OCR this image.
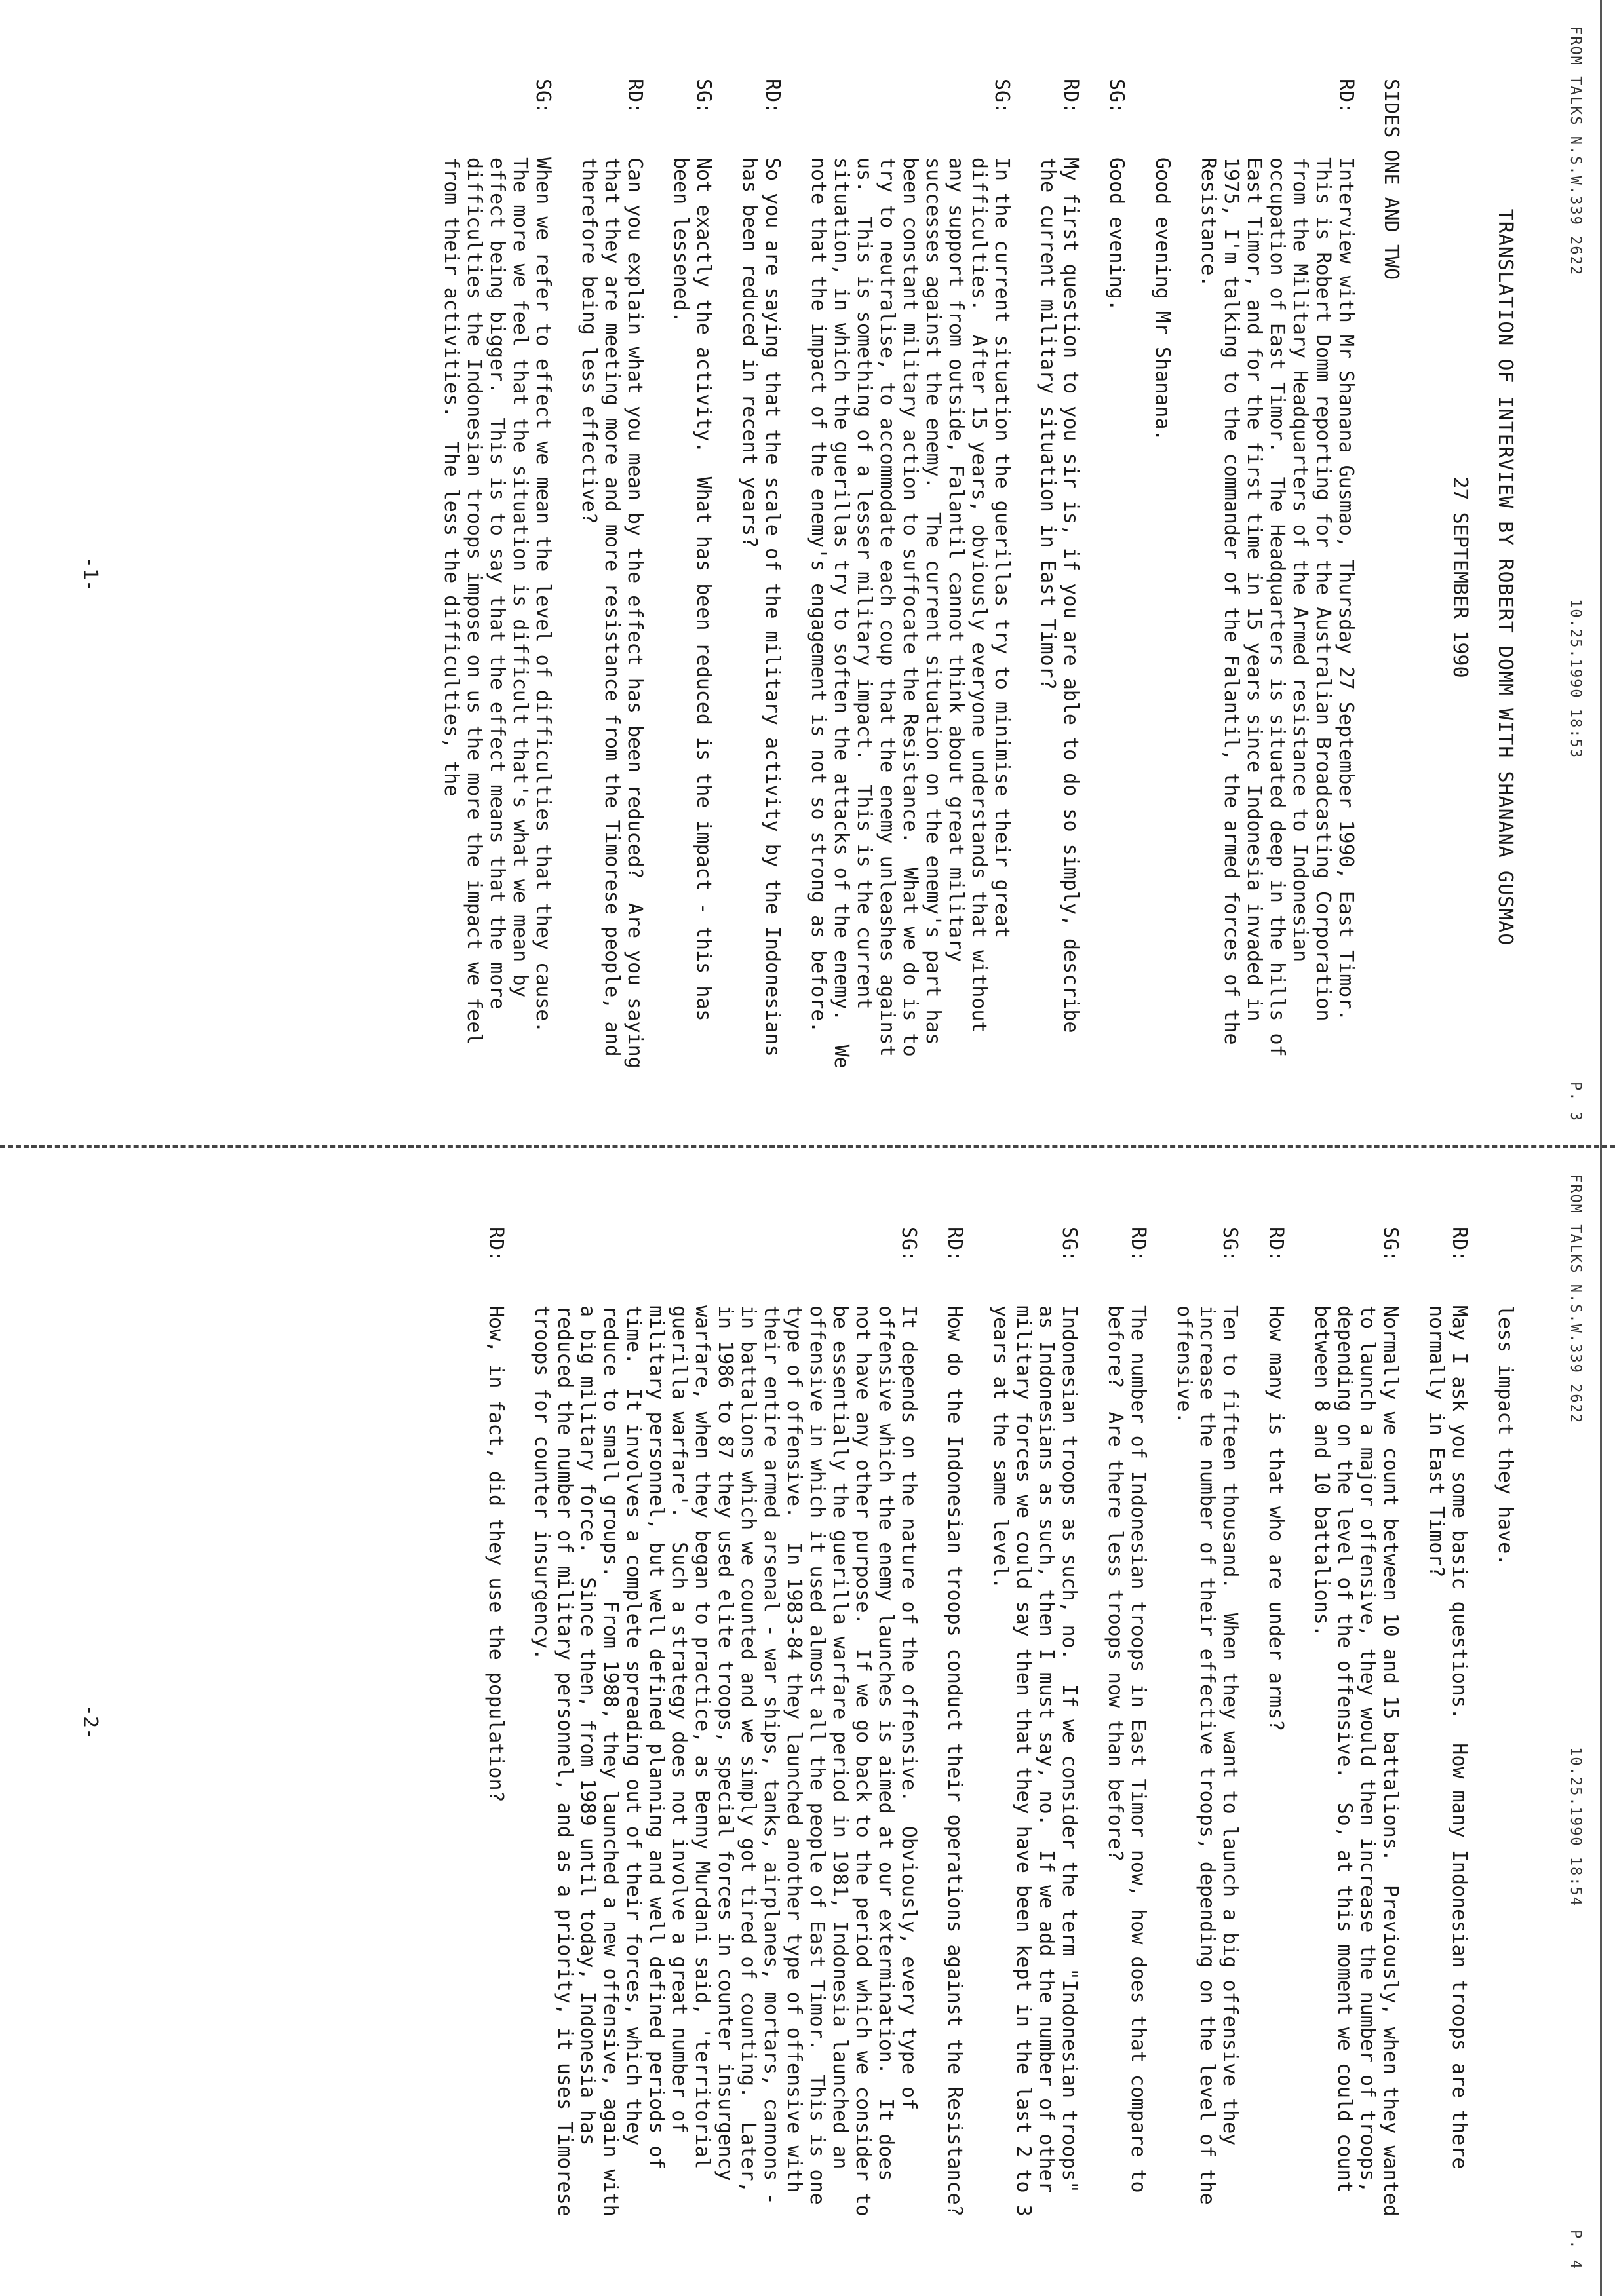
FROM TALKS N.S.W.339 2622
10.25.1990 18:53
P. 3
TRANSLATION OF INTERVIEW BY ROBERT DOMM WITH SHANANA GUSMAO
27 SEPTEMBER 1990
SIDES ONE AND TWO
RD:
Interview with Mr Shanana Gusmao, Thursday 27 September 1990, East Timor.  This is Robert Domm reporting for the Australian Broadcasting Corporation from the Military Headquarters of the Armed resistance to Indonesian occupation of East Timor.  The Headquarters is situated deep in the hills of East Timor, and for the first time in 15 years since Indonesia invaded in 1975, I'm talking to the commander of the Falantil, the armed forces of the Resistance.
Good evening Mr Shanana.
SG:
Good evening.
RD:
My first question to you sir is, if you are able to do so simply, describe the current military situation in East Timor?
SG:
In the current situation the guerillas try to minimise their great difficulties.  After 15 years, obviously everyone understands that without any support from outside, Falantil cannot think about great military successes against the enemy.  The current situation on the enemy's part has been constant military action to suffocate the Resistance.  What we do is to try to neutralise, to accommodate each coup that the enemy unleashes against us.  This is something of a lesser military impact.  This is the current situation, in which the guerillas try to soften the attacks of the enemy.  We note that the impact of the enemy's engagement is not so strong as before.
RD:
So you are saying that the scale of the military activity by the Indonesians has been reduced in recent years?
SG:
Not exactly the activity.  What has been reduced is the impact - this has been lessened.
RD:
Can you explain what you mean by the effect has been reduced?  Are you saying that they are meeting more and more resistance from the Timorese people, and therefore being less effective?
SG:
When we refer to effect we mean the level of difficulties that they cause.  The more we feel that the situation is difficult that's what we mean by effect being bigger.  This is to say that the effect means that the more difficulties the Indonesian troops impose on us the more the impact we feel from their activities.  The less the difficulties, the
-1-
FROM TALKS N.S.W.339 2622
10.25.1990 18:54
P. 4
less impact they have.
RD:
May I ask you some basic questions.  How many Indonesian troops are there normally in East Timor?
SG:
Normally we count between 10 and 15 battalions.  Previously, when they wanted to launch a major offensive, they would then increase the number of troops, depending on the level of the offensive.  So, at this moment we could count between 8 and 10 battalions.
RD:
How many is that who are under arms?
SG:
Ten to fifteen thousand.  When they want to launch a big offensive they increase the number of their effective troops, depending on the level of the offensive.
RD:
The number of Indonesian troops in East Timor now, how does that compare to before?  Are there less troops now than before?
SG:
Indonesian troops as such, no.  If we consider the term "Indonesian troops" as Indonesians as such, then I must say, no.  If we add the number of other military forces we could say then that they have been kept in the last 2 to 3 years at the same level.
RD:
How do the Indonesian troops conduct their operations against the Resistance?
SG:
It depends on the nature of the offensive.  Obviously, every type of offensive which the enemy launches is aimed at our extermination.  It does not have any other purpose.  If we go back to the period which we consider to be essentially the guerilla warfare period in 1981, Indonesia launched an offensive in which it used almost all the people of East Timor.  This is one type of offensive.  In 1983-84 they launched another type of offensive with their entire armed arsenal - war ships, tanks, airplanes, mortars, cannons - in battalions which we counted and we simply got tired of counting.  Later, in 1986 to 87 they used elite troops, special forces in counter insurgency warfare, when they began to practice, as Benny Murdani said, 'territorial guerilla warfare'.  Such a strategy does not involve a great number of military personnel, but well defined planning and well defined periods of time.  It involves a complete spreading out of their forces, which they reduce to small groups.  From 1988, they launched a new offensive, again with a big military force.  Since then, from 1989 until today, Indonesia has reduced the number of military personnel, and as a priority, it uses Timorese troops for counter insurgency.
RD:
How, in fact, did they use the population?
-2-
